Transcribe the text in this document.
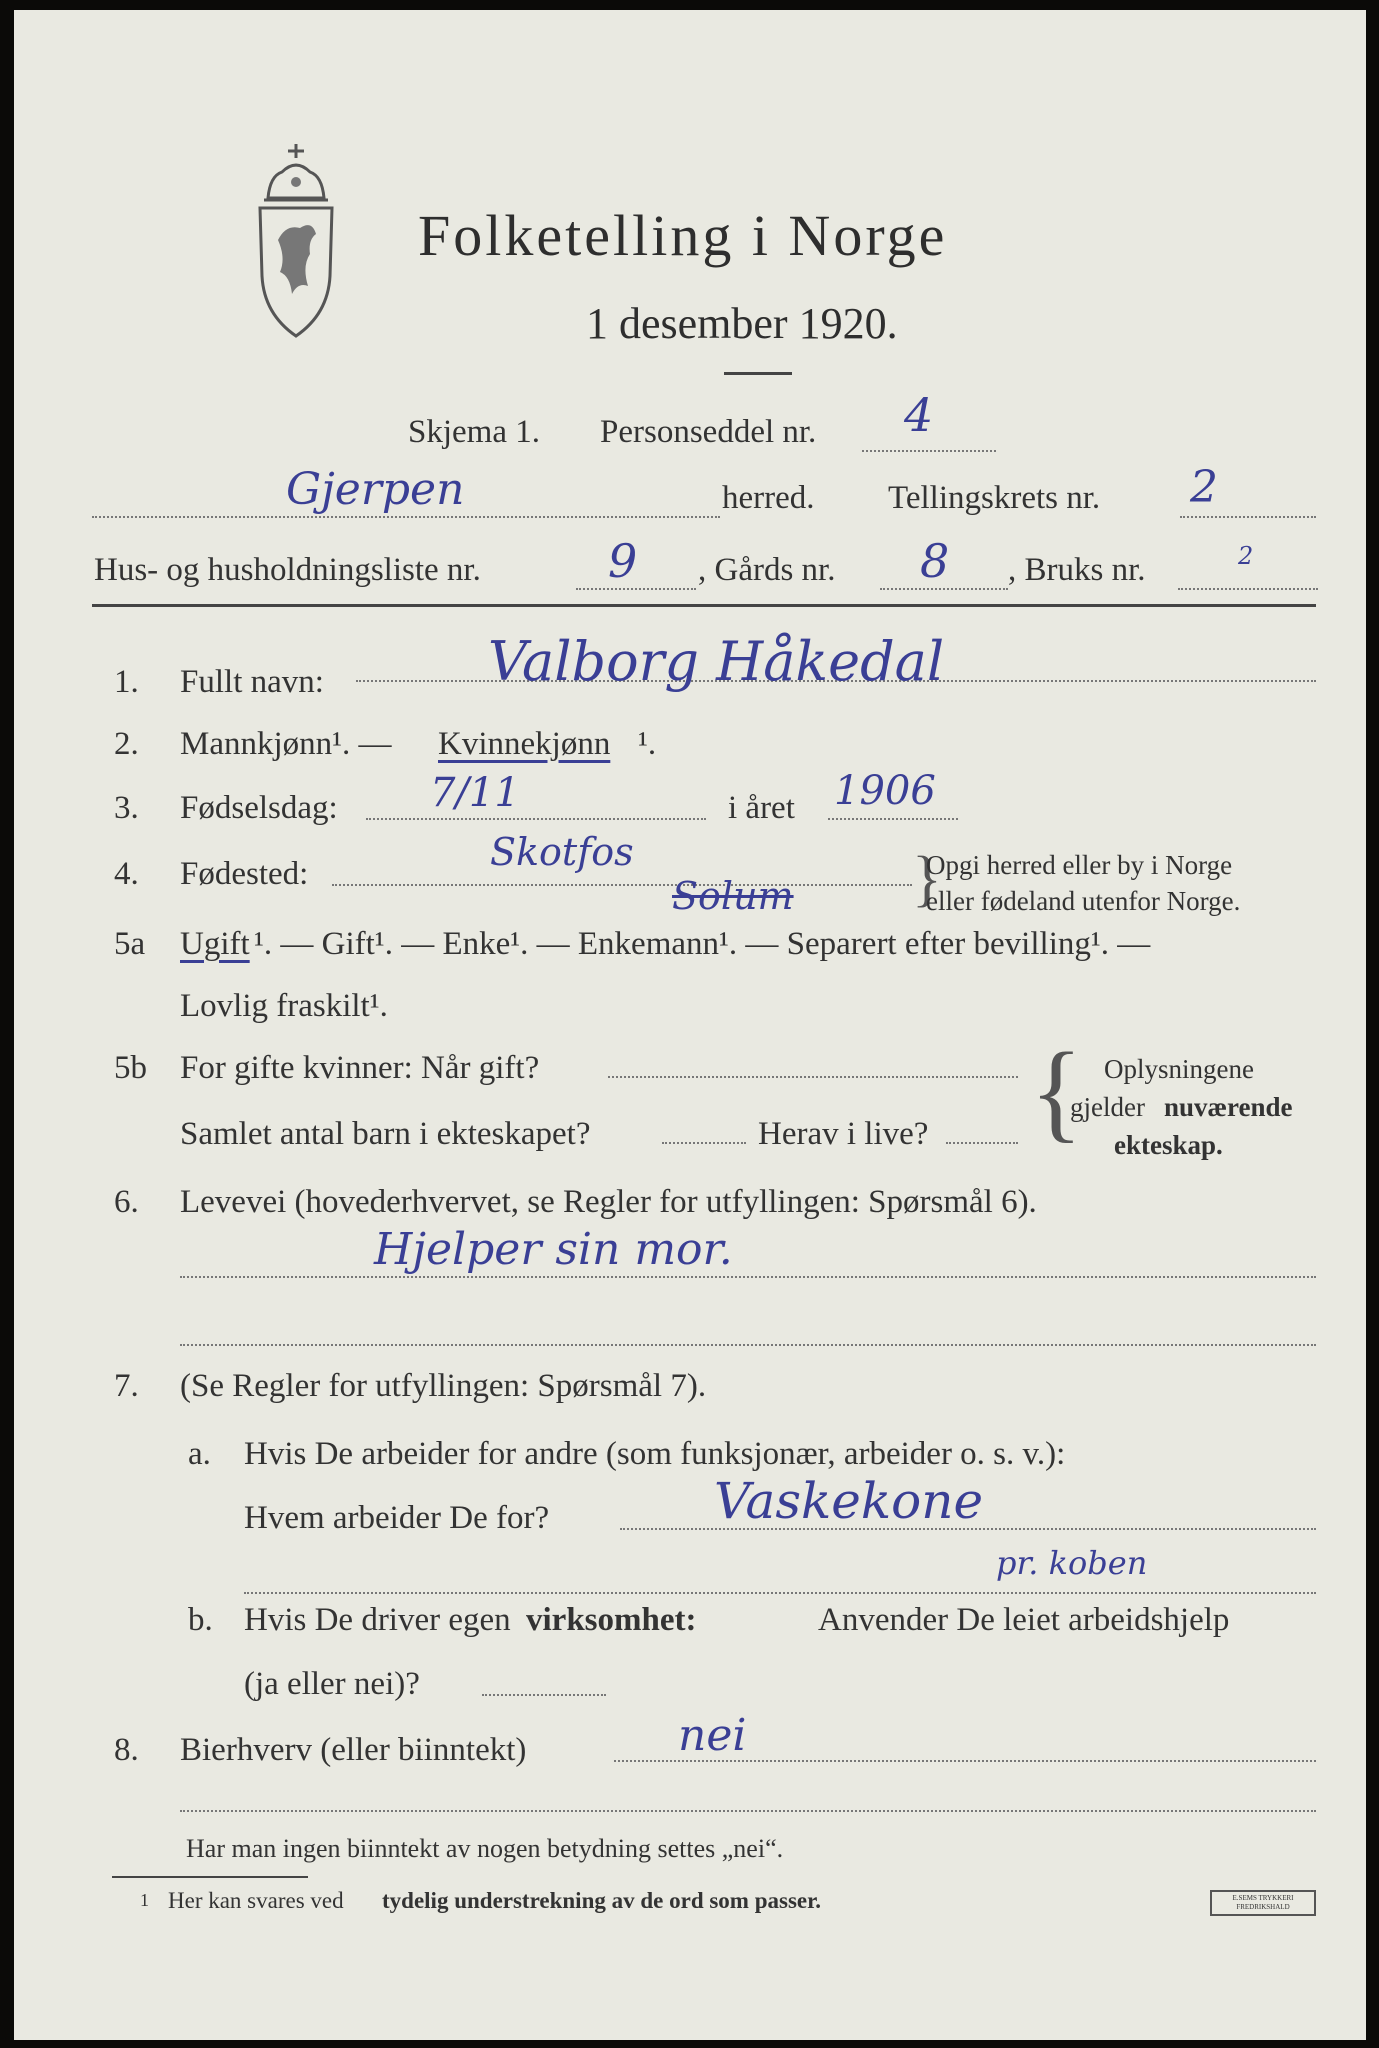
Folketelling i Norge
1 desember 1920.
Skjema 1. Personseddel nr. 4
Gjerpen	herred. Tellingskrets nr. 2
Hus- og husholdningsliste nr.	9 , Gårds nr. 8 , Bruks nr.	2
1. Fullt navn:	Valborg Håkedal
2. Mannkjønn¹. — Kvinnekjønn ¹.
3. Fødselsdag: 7/11	i året 1906
4. Fødested:	Skotfos
Solum }
Opgi herred eller by i Norge
eller fødeland utenfor Norge.
5a Ugift ¹. — Gift¹. — Enke¹. — Enkemann¹. — Separert efter bevilling¹. —
Lovlig fraskilt¹.
5b For gifte kvinner: Når gift?
Samlet antal barn i ekteskapet?	Herav i live? { Oplysningene
gjelder nuværende
ekteskap.
6. Levevei (hovederhvervet, se Regler for utfyllingen: Spørsmål 6).
Hjelper sin mor.
7. (Se Regler for utfyllingen: Spørsmål 7).
a. Hvis De arbeider for andre (som funksjonær, arbeider o. s. v.):
Hvem arbeider De for?	Vaskekone
pr. koben
b. Hvis De driver egen virksomhet:	Anvender De leiet arbeidshjelp
(ja eller nei)?
8. Bierhverv (eller biinntekt)	nei
Har man ingen biinntekt av nogen betydning settes „nei“.
1 Her kan svares ved tydelig understrekning av de ord som passer.	E.SEMS TRYKKERI FREDRIKSHALD
